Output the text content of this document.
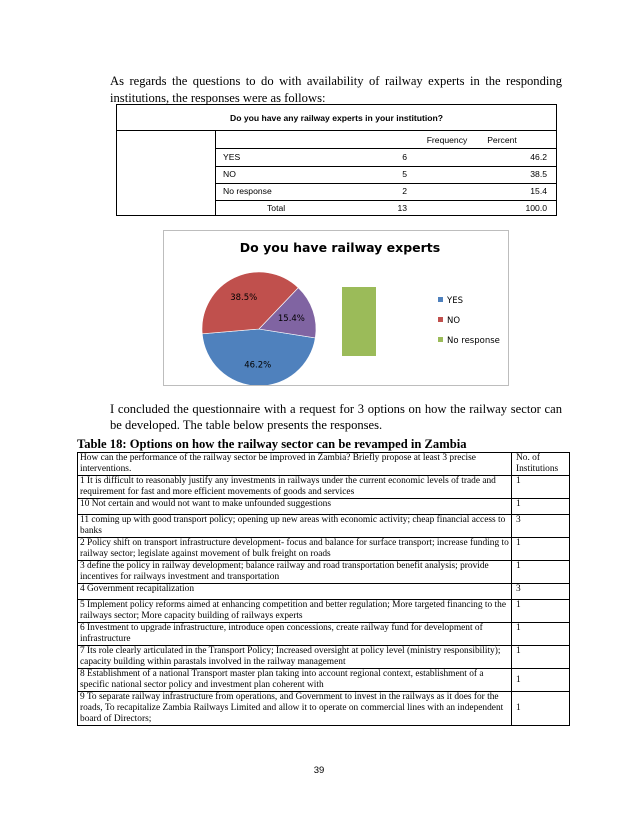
As regards the questions to do with availability of railway experts in the responding institutions, the responses were as follows:

Do you have any railway experts in your institution?
Frequency	Percent
YES	6	46.2
NO	5	38.5
No response	2	15.4
Total	13	100.0
Do you have railway experts
46.2%
38.5%
15.4%
YES
NO
No response

I concluded the questionnaire with a request for 3 options on how the railway sector can be developed. The table below presents the responses.

Table 18: Options on how the railway sector can be revamped in Zambia
How can the performance of the railway sector be improved in Zambia? Briefly propose at least 3 precise interventions.	No. of Institutions
1 It is difficult to reasonably justify any investments in railways under the current economic levels of trade and requirement for fast and more efficient movements of goods and services	1
10 Not certain and would not want to make unfounded suggestions	1
11 coming up with good transport policy; opening up new areas with economic activity; cheap financial access to banks	3
2 Policy shift on transport infrastructure development- focus and balance for surface transport; increase funding to railway sector; legislate against movement of bulk freight on roads	1
3 define the policy in railway development; balance railway and road transportation benefit analysis; provide incentives for railways investment and transportation	1
4 Government recapitalization	3
5 Implement policy reforms aimed at enhancing competition and better regulation; More targeted financing to the railways sector; More capacity building of railways experts	1
6 Investment to upgrade infrastructure, introduce open concessions, create railway fund for development of infrastructure	1
7 Its role clearly articulated in the Transport Policy; Increased oversight at policy level (ministry responsibility); capacity building within parastals involved in the railway management	1
8 Establishment of a national Transport master plan taking into account regional context, establishment of a specific national sector policy and investment plan coherent with	1
9 To separate railway infrastructure from operations, and Government to invest in the railways as it does for the roads, To recapitalize Zambia Railways Limited and allow it to operate on commercial lines with an independent board of Directors;	1
39
